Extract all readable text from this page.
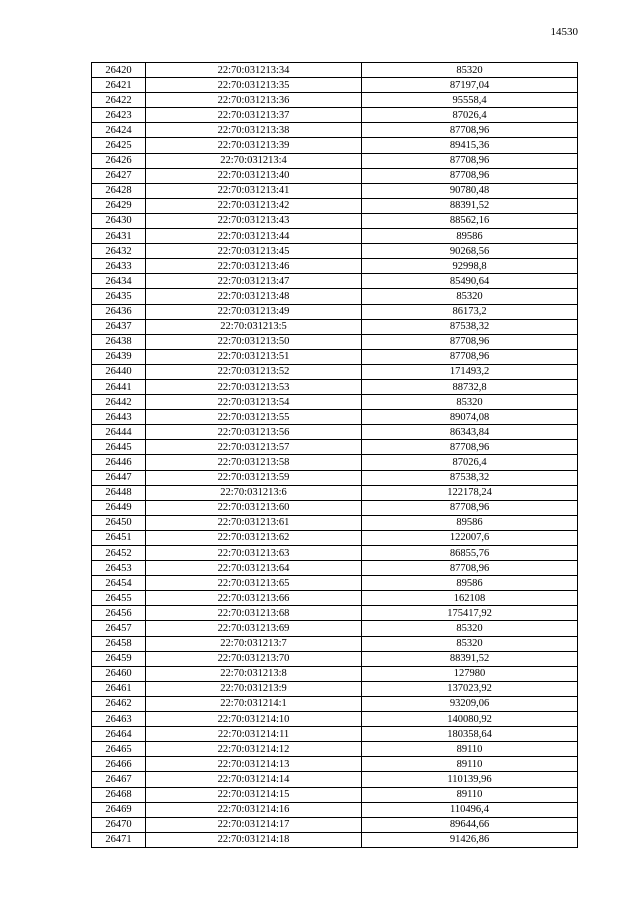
14530
26420	22:70:031213:34	85320
26421	22:70:031213:35	87197,04
26422	22:70:031213:36	95558,4
26423	22:70:031213:37	87026,4
26424	22:70:031213:38	87708,96
26425	22:70:031213:39	89415,36
26426	22:70:031213:4	87708,96
26427	22:70:031213:40	87708,96
26428	22:70:031213:41	90780,48
26429	22:70:031213:42	88391,52
26430	22:70:031213:43	88562,16
26431	22:70:031213:44	89586
26432	22:70:031213:45	90268,56
26433	22:70:031213:46	92998,8
26434	22:70:031213:47	85490,64
26435	22:70:031213:48	85320
26436	22:70:031213:49	86173,2
26437	22:70:031213:5	87538,32
26438	22:70:031213:50	87708,96
26439	22:70:031213:51	87708,96
26440	22:70:031213:52	171493,2
26441	22:70:031213:53	88732,8
26442	22:70:031213:54	85320
26443	22:70:031213:55	89074,08
26444	22:70:031213:56	86343,84
26445	22:70:031213:57	87708,96
26446	22:70:031213:58	87026,4
26447	22:70:031213:59	87538,32
26448	22:70:031213:6	122178,24
26449	22:70:031213:60	87708,96
26450	22:70:031213:61	89586
26451	22:70:031213:62	122007,6
26452	22:70:031213:63	86855,76
26453	22:70:031213:64	87708,96
26454	22:70:031213:65	89586
26455	22:70:031213:66	162108
26456	22:70:031213:68	175417,92
26457	22:70:031213:69	85320
26458	22:70:031213:7	85320
26459	22:70:031213:70	88391,52
26460	22:70:031213:8	127980
26461	22:70:031213:9	137023,92
26462	22:70:031214:1	93209,06
26463	22:70:031214:10	140080,92
26464	22:70:031214:11	180358,64
26465	22:70:031214:12	89110
26466	22:70:031214:13	89110
26467	22:70:031214:14	110139,96
26468	22:70:031214:15	89110
26469	22:70:031214:16	110496,4
26470	22:70:031214:17	89644,66
26471	22:70:031214:18	91426,86
